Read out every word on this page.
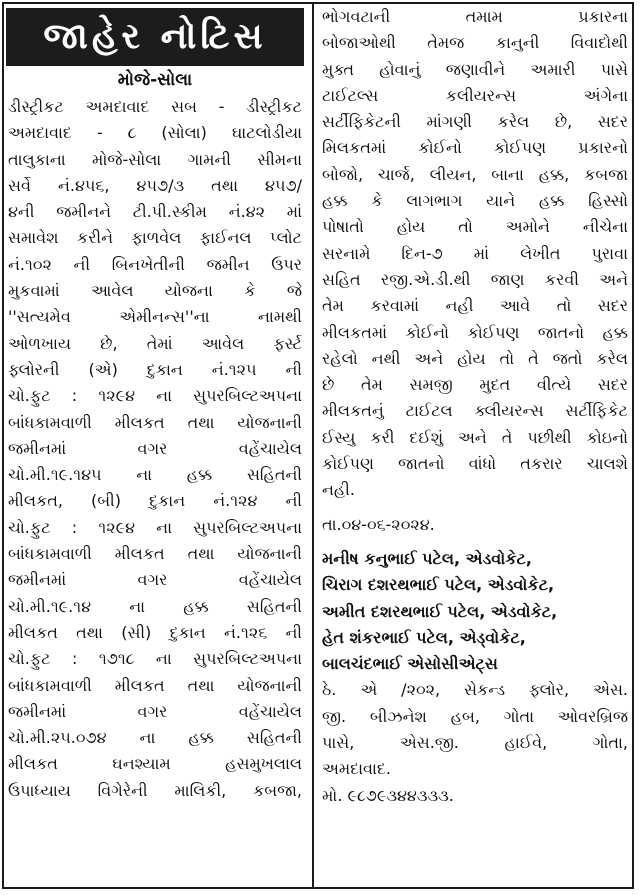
જાહેર નોટિસ
મોજે-સોલા
ડીસ્ટ્રીકટ અમદાવાદ સબ - ડીસ્ટ્રીકટ
અમદાવાદ - ૮ (સોલા) ઘાટલોડીયા
તાલુકાના મોજે-સોલા ગામની સીમના
સર્વે નં.૪૫૬, ૪૫૭/૩ તથા ૪૫૭/
૪ની જમીનને ટી.પી.સ્કીમ નં.૪૨ માં
સમાવેશ કરીને ફાળવેલ ફાઈનલ પ્લોટ
નં.૧૦૨ ની બિનખેતીની જમીન ઉપર
મુકવામાં આવેલ યોજના કે જે
''સત્યમેવ એમીનન્સ''ના નામથી
ઓળખાય છે, તેમાં આવેલ ફર્સ્ટ
ફ્લોરની (એ) દુકાન નં.૧૨૫ ની
ચો.ફુટ : ૧૨૯૪ ના સુપરબિલ્ટઅપના
બાંધકામવાળી મીલકત તથા યોજનાની
જમીનમાં વગર વહેંચાયેલ
ચો.મી.૧૯.૧૪૫ ના હક્ક સહિતની
મીલકત, (બી) દુકાન નં.૧૨૪ ની
ચો.ફુટ : ૧૨૯૪ ના સુપરબિલ્ટઅપના
બાંધકામવાળી મીલકત તથા યોજનાની
જમીનમાં વગર વહેંચાયેલ
ચો.મી.૧૯.૧૪ ના હક્ક સહિતની
મીલકત તથા (સી) દુકાન નં.૧૨૬ ની
ચો.ફુટ : ૧૭૧૮ ના સુપરબિલ્ટઅપના
બાંધકામવાળી મીલકત તથા યોજનાની
જમીનમાં વગર વહેંચાયેલ
ચો.મી.૨૫.૦૭૪ ના હક્ક સહિતની
મીલકત ઘનશ્યામ હસમુખલાલ
ઉપાધ્યાય વિગેરેની માલિકી, કબજા,
ભોગવટાની તમામ પ્રકારના
બોજાઓથી તેમજ કાનુની વિવાદોથી
મુક્ત હોવાનું જણાવીને અમારી પાસે
ટાઈટલ્સ કલીયરન્સ અંગેના
સર્ટીફિકેટની માંગણી કરેલ છે, સદર
મિલકતમાં કોઈનો કોઈપણ પ્રકારનો
બોજો, ચાર્જ, લીયન, બાના હક્ક, કબજા
હક્ક કે લાગભાગ યાને હક્ક હિસ્સો
પોષાતો હોય તો અમોને નીચેના
સરનામે દિન-૭ માં લેખીત પુરાવા
સહિત રજી.એ.ડી.થી જાણ કરવી અને
તેમ કરવામાં નહી આવે તો સદર
મીલકતમાં કોઈનો કોઈપણ જાતનો હક્ક
રહેલો નથી અને હોય તો તે જતો કરેલ
છે તેમ સમજી મુદત વીત્યે સદર
મીલકતનું ટાઈટલ ક્લીયરન્સ સર્ટીફિકેટ
ઈસ્યુ કરી દઈશું અને તે પછીથી કોઇનો
કોઈપણ જાતનો વાંધો તકરાર ચાલશે
નહી.
તા.૦૪-૦૬-૨૦૨૪.
મનીષ કનુભાઈ પટેલ, એડવોકેટ,
ચિરાગ દશરથભાઈ પટેલ, એડવોકેટ,
અમીત દશરથભાઈ પટેલ, એડવોકેટ,
હેત શંકરભાઈ પટેલ, એડ્વોકેટ,
બાલચંદભાઈ એસોસીએટ્સ
ઠે. એ /૨૦૨, સેકન્ડ ફ્લોર, એસ.
જી. બીઝનેશ હબ, ગોતા ઓવરબ્રિજ
પાસે, એસ.જી. હાઈવે, ગોતા,
અમદાવાદ.
મો. ૯૮૭૯૩૪૪૩૩૩.
